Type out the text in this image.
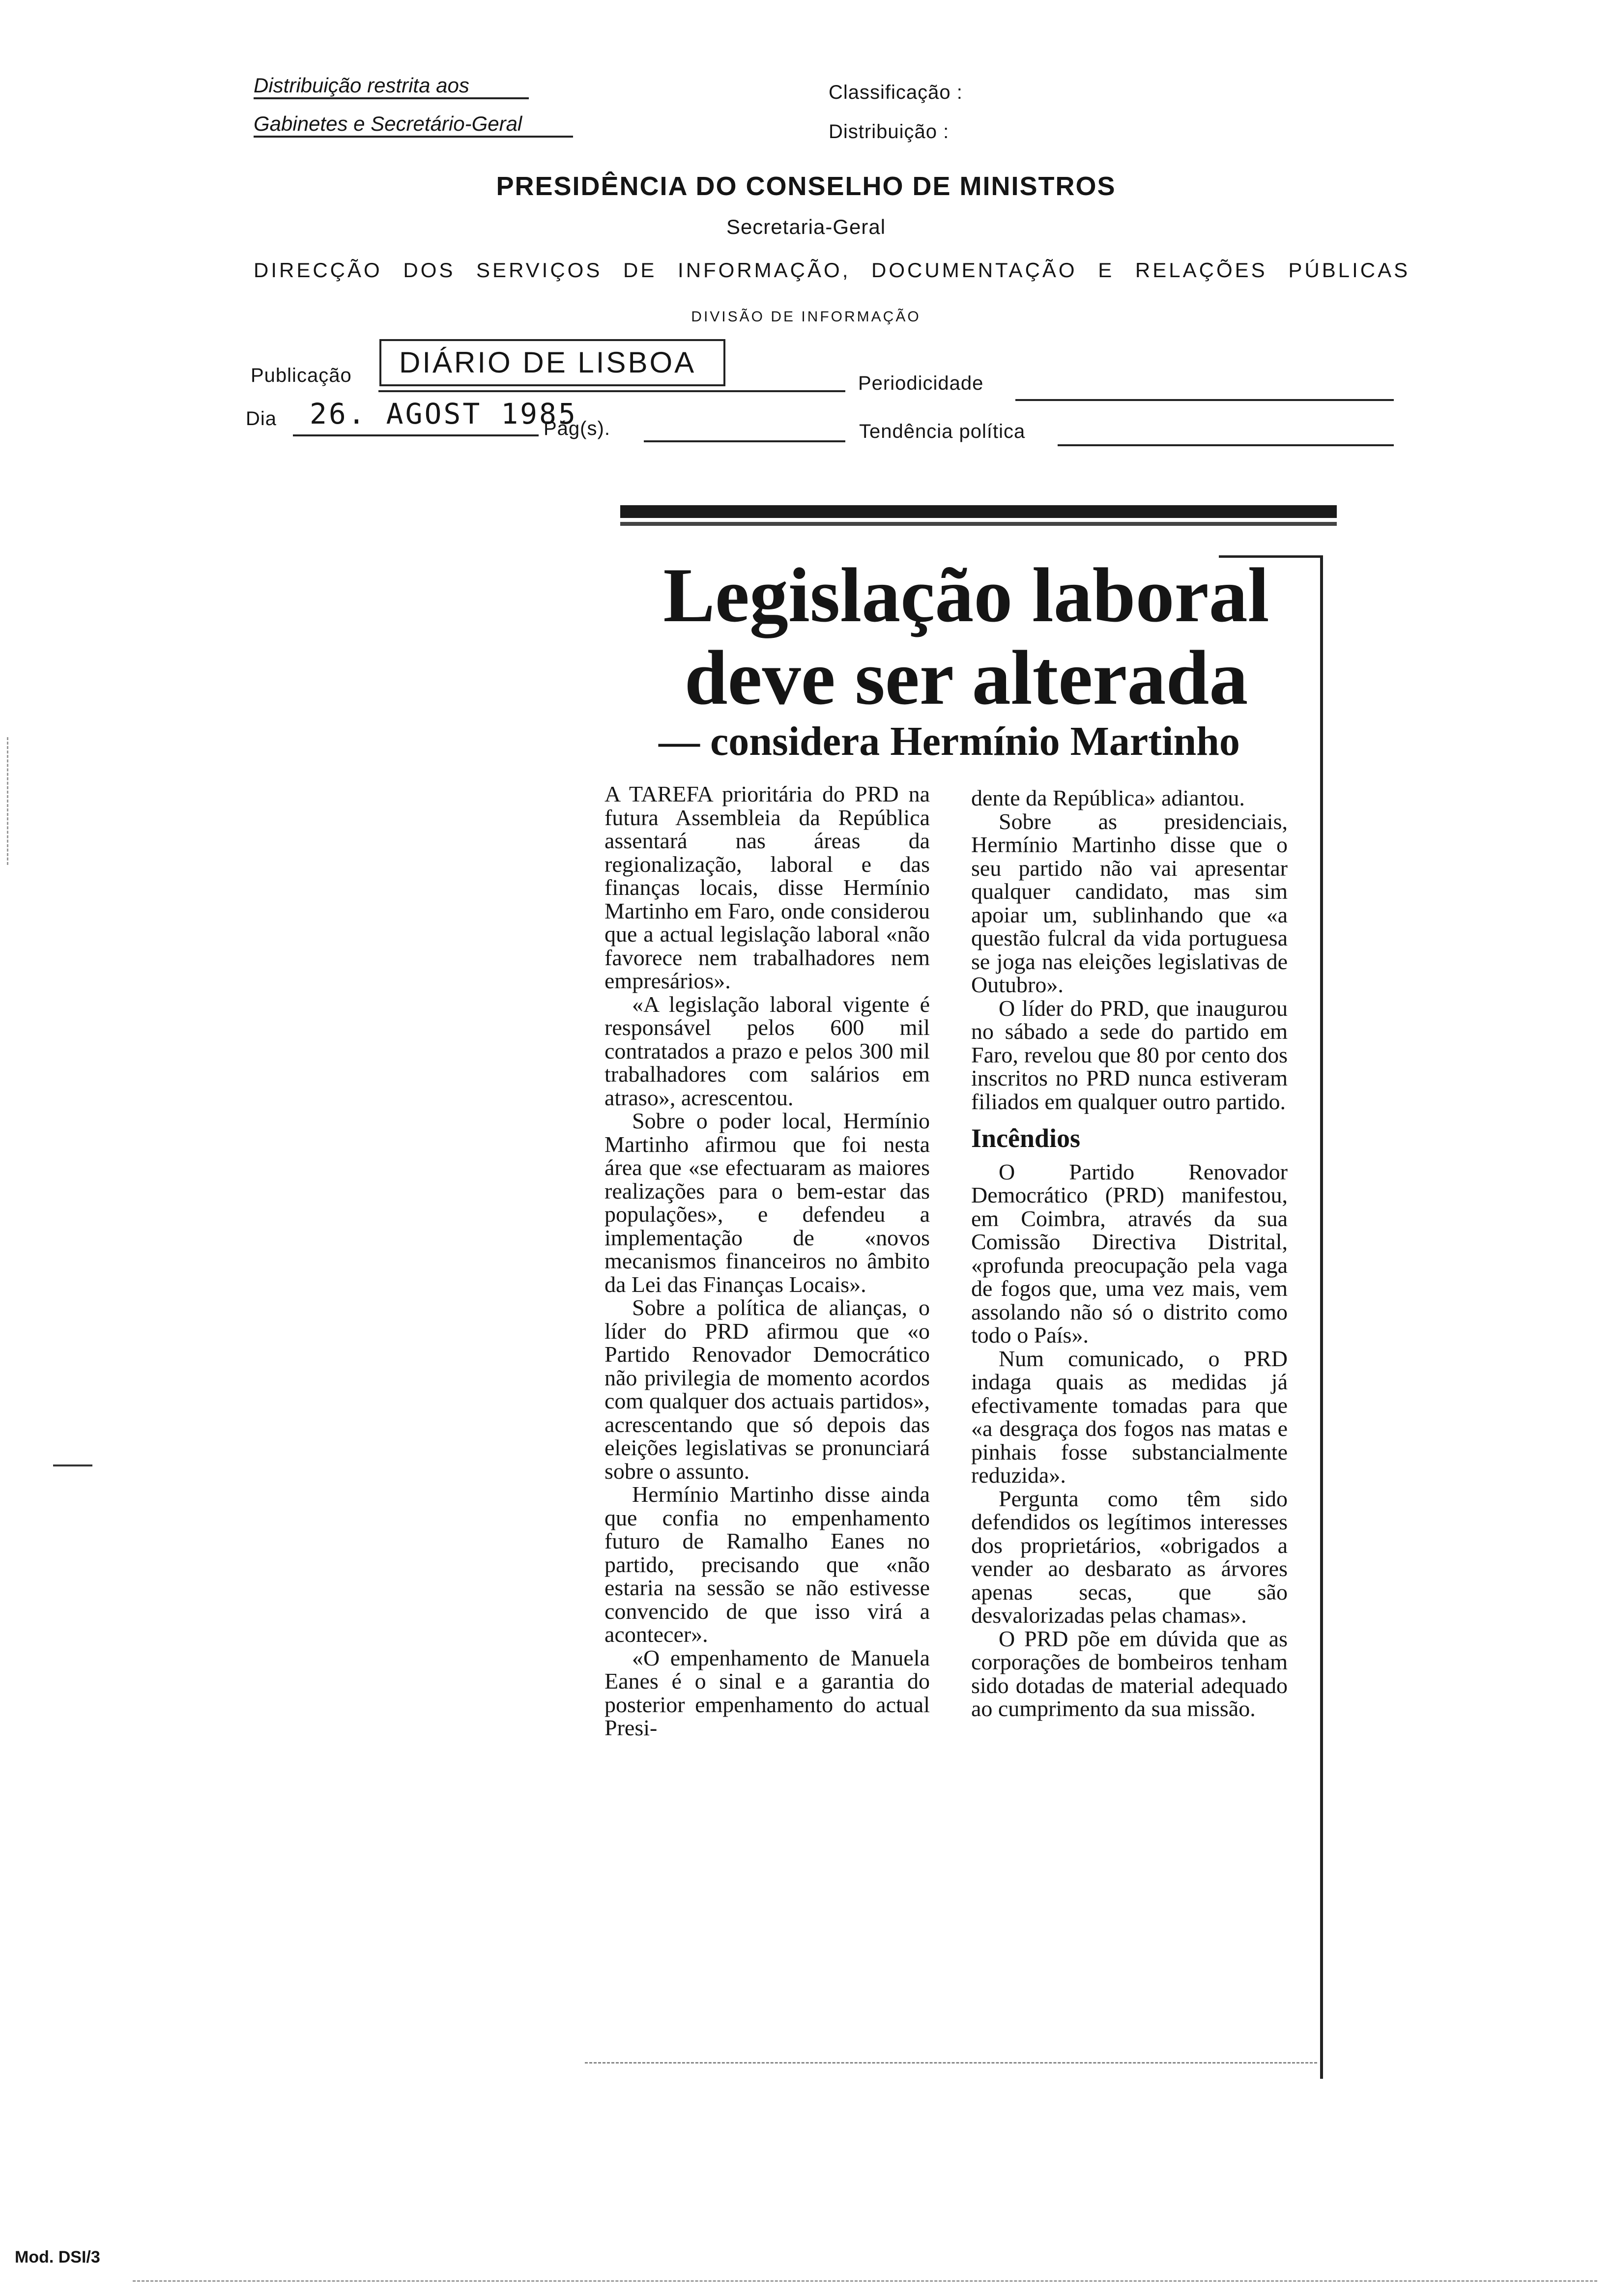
Distribuição restrita aos
Gabinetes e Secretário-Geral
Classificação :
Distribuição :
PRESIDÊNCIA DO CONSELHO DE MINISTROS
Secretaria-Geral
DIRECÇÃO DOS SERVIÇOS DE INFORMAÇÃO, DOCUMENTAÇÃO E RELAÇÕES PÚBLICAS
DIVISÃO DE INFORMAÇÃO
Publicação	DIÁRIO DE LISBOA
Periodicidade
Dia 26. AGOST 1985
Pág(s).	Tendência política
Legislação laboral
deve ser alterada
— considera Hermínio Martinho

A TAREFA prioritária do PRD na futura Assembleia da República assentará nas áreas da regionalização, laboral e das finanças locais, disse Hermínio Martinho em Faro, onde considerou que a actual legislação laboral «não favorece nem trabalhadores nem empresários».

«A legislação laboral vigente é responsável pelos 600 mil contratados a prazo e pelos 300 mil trabalhadores com salários em atraso», acrescentou.

Sobre o poder local, Hermínio Martinho afirmou que foi nesta área que «se efectuaram as maiores realizações para o bem-estar das populações», e defendeu a implementação de «novos mecanismos financeiros no âmbito da Lei das Finanças Locais».

Sobre a política de alianças, o líder do PRD afirmou que «o Partido Renovador Democrático não privilegia de momento acordos com qualquer dos actuais partidos», acrescentando que só depois das eleições legislativas se pronunciará sobre o assunto.

Hermínio Martinho disse ainda que confia no empenhamento futuro de Ramalho Eanes no partido, precisando que «não estaria na sessão se não estivesse convencido de que isso virá a acontecer».

«O empenhamento de Manuela Eanes é o sinal e a garantia do posterior empenhamento do actual Presi-

dente da República» adiantou.

Sobre as presidenciais, Hermínio Martinho disse que o seu partido não vai apresentar qualquer candidato, mas sim apoiar um, sublinhando que «a questão fulcral da vida portuguesa se joga nas eleições legislativas de Outubro».

O líder do PRD, que inaugurou no sábado a sede do partido em Faro, revelou que 80 por cento dos inscritos no PRD nunca estiveram filiados em qualquer outro partido.

Incêndios

O Partido Renovador Democrático (PRD) manifestou, em Coimbra, através da sua Comissão Directiva Distrital, «profunda preocupação pela vaga de fogos que, uma vez mais, vem assolando não só o distrito como todo o País».

Num comunicado, o PRD indaga quais as medidas já efectivamente tomadas para que «a desgraça dos fogos nas matas e pinhais fosse substancialmente reduzida».

Pergunta como têm sido defendidos os legítimos interesses dos proprietários, «obrigados a vender ao desbarato as árvores apenas secas, que são desvalorizadas pelas chamas».

O PRD põe em dúvida que as corporações de bombeiros tenham sido dotadas de material adequado ao cumprimento da sua missão.

Mod. DSI/3
